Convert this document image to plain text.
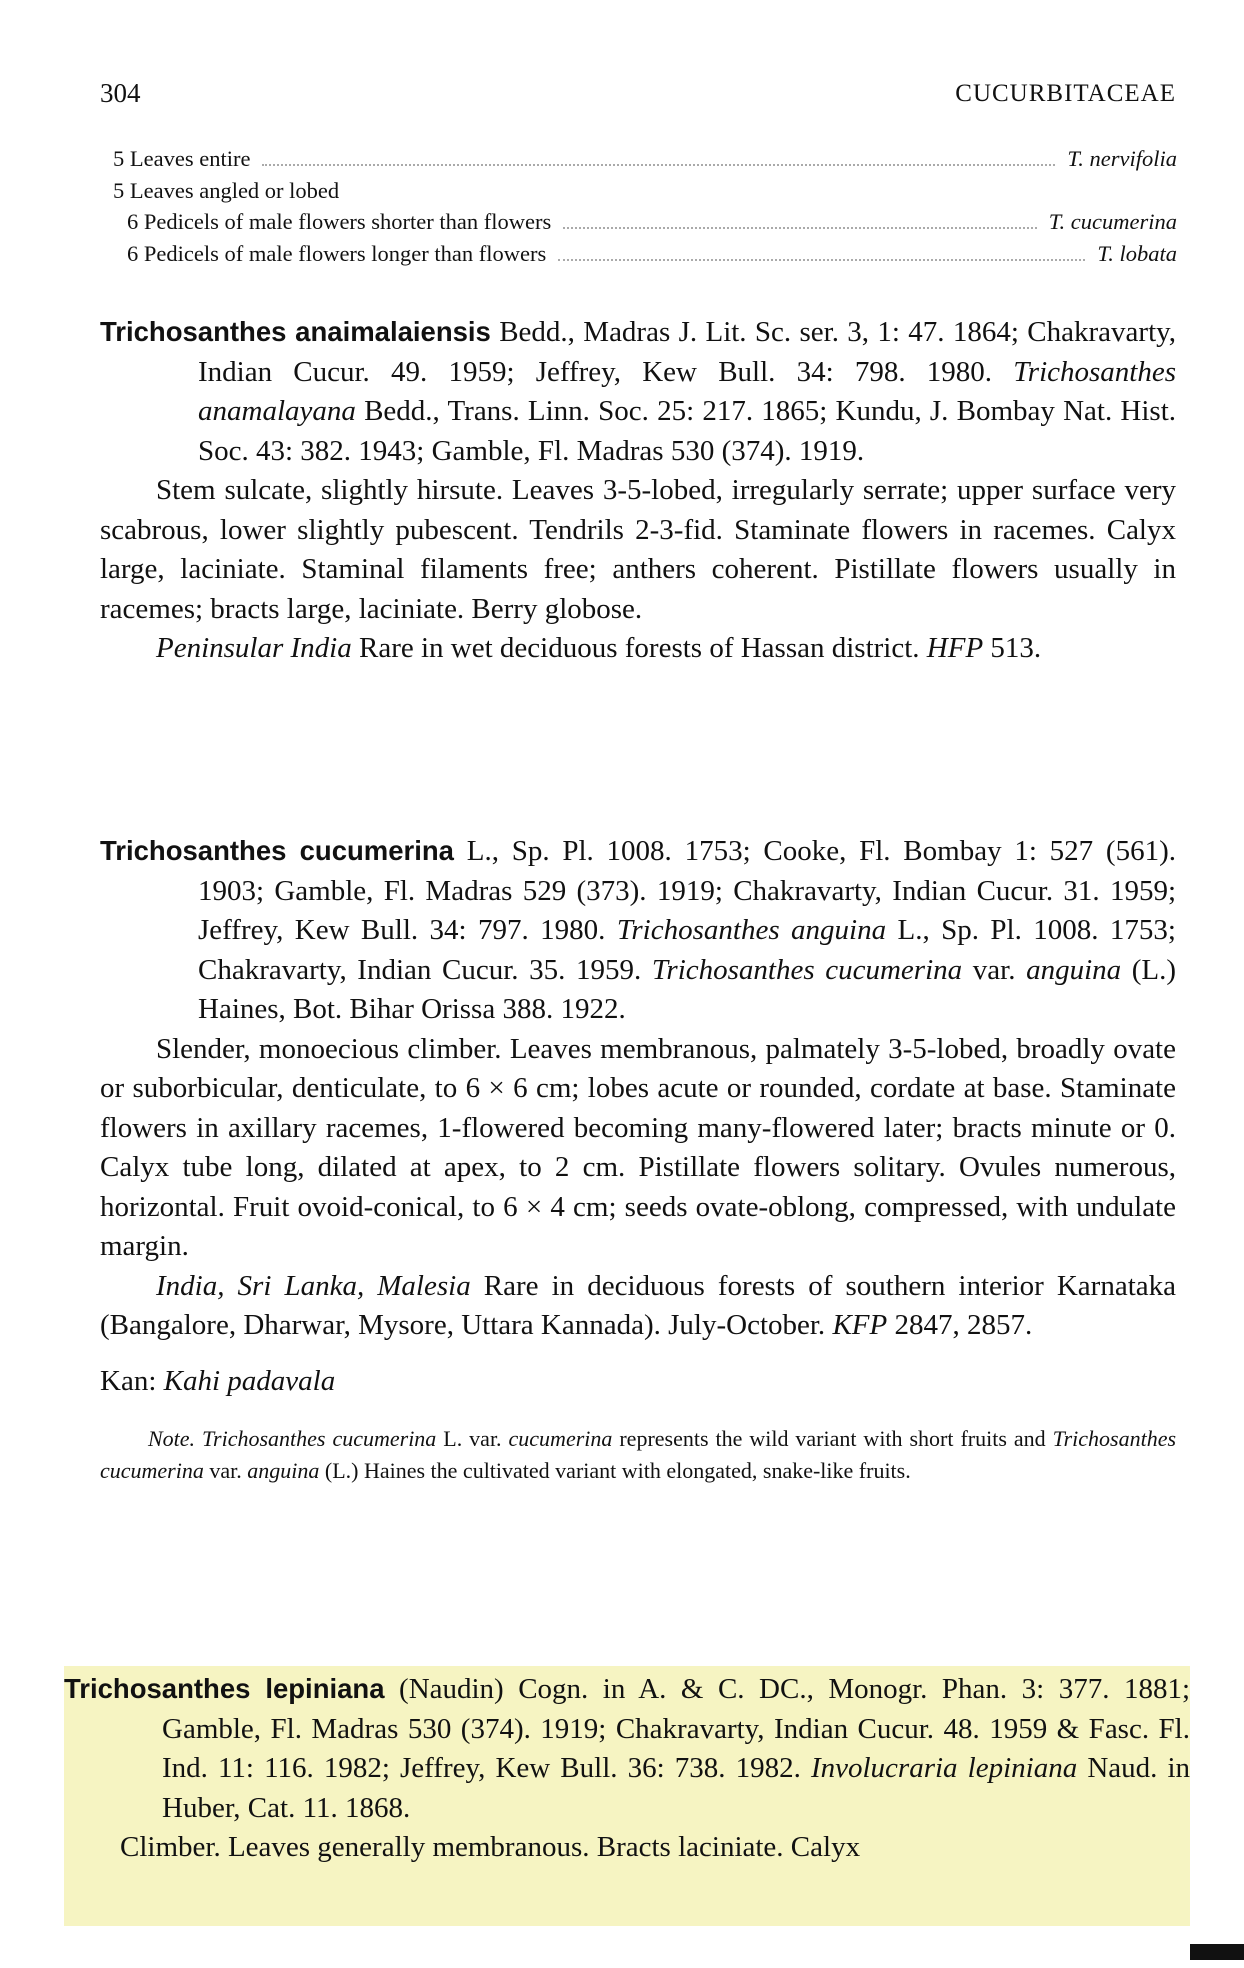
304	CUCURBITACEAE
5 Leaves entire	T. nervifolia
5 Leaves angled or lobed
6 Pedicels of male flowers shorter than flowers	T. cucumerina
6 Pedicels of male flowers longer than flowers	T. lobata
Trichosanthes anaimalaiensis Bedd., Madras J. Lit. Sc. ser. 3, 1: 47. 1864; Chakravarty, Indian Cucur. 49. 1959; Jeffrey, Kew Bull. 34: 798. 1980. Trichosanthes anamalayana Bedd., Trans. Linn. Soc. 25: 217. 1865; Kundu, J. Bombay Nat. Hist. Soc. 43: 382. 1943; Gamble, Fl. Madras 530 (374). 1919.
Stem sulcate, slightly hirsute. Leaves 3-5-lobed, irregularly serrate; upper surface very scabrous, lower slightly pubescent. Tendrils 2-3-fid. Staminate flowers in racemes. Calyx large, laciniate. Staminal filaments free; anthers coherent. Pistillate flowers usually in racemes; bracts large, laciniate. Berry globose.
Peninsular India Rare in wet deciduous forests of Hassan district. HFP 513.
Trichosanthes cucumerina L., Sp. Pl. 1008. 1753; Cooke, Fl. Bombay 1: 527 (561). 1903; Gamble, Fl. Madras 529 (373). 1919; Chakravarty, Indian Cucur. 31. 1959; Jeffrey, Kew Bull. 34: 797. 1980. Trichosanthes anguina L., Sp. Pl. 1008. 1753; Chakravarty, Indian Cucur. 35. 1959. Trichosanthes cucumerina var. anguina (L.) Haines, Bot. Bihar Orissa 388. 1922.
Slender, monoecious climber. Leaves membranous, palmately 3-5-lobed, broadly ovate or suborbicular, denticulate, to 6 × 6 cm; lobes acute or rounded, cordate at base. Staminate flowers in axillary racemes, 1-flowered becoming many-flowered later; bracts minute or 0. Calyx tube long, dilated at apex, to 2 cm. Pistillate flowers solitary. Ovules numerous, horizontal. Fruit ovoid-conical, to 6 × 4 cm; seeds ovate-oblong, compressed, with undulate margin.
India, Sri Lanka, Malesia Rare in deciduous forests of southern interior Karnataka (Bangalore, Dharwar, Mysore, Uttara Kannada). July-October. KFP 2847, 2857.
Kan: Kahi padavala
Note. Trichosanthes cucumerina L. var. cucumerina represents the wild variant with short fruits and Trichosanthes cucumerina var. anguina (L.) Haines the cultivated variant with elongated, snake-like fruits.
Trichosanthes lepiniana (Naudin) Cogn. in A. & C. DC., Monogr. Phan. 3: 377. 1881; Gamble, Fl. Madras 530 (374). 1919; Chakravarty, Indian Cucur. 48. 1959 & Fasc. Fl. Ind. 11: 116. 1982; Jeffrey, Kew Bull. 36: 738. 1982. Involucraria lepiniana Naud. in Huber, Cat. 11. 1868.
Climber. Leaves generally membranous. Bracts laciniate. Calyx
